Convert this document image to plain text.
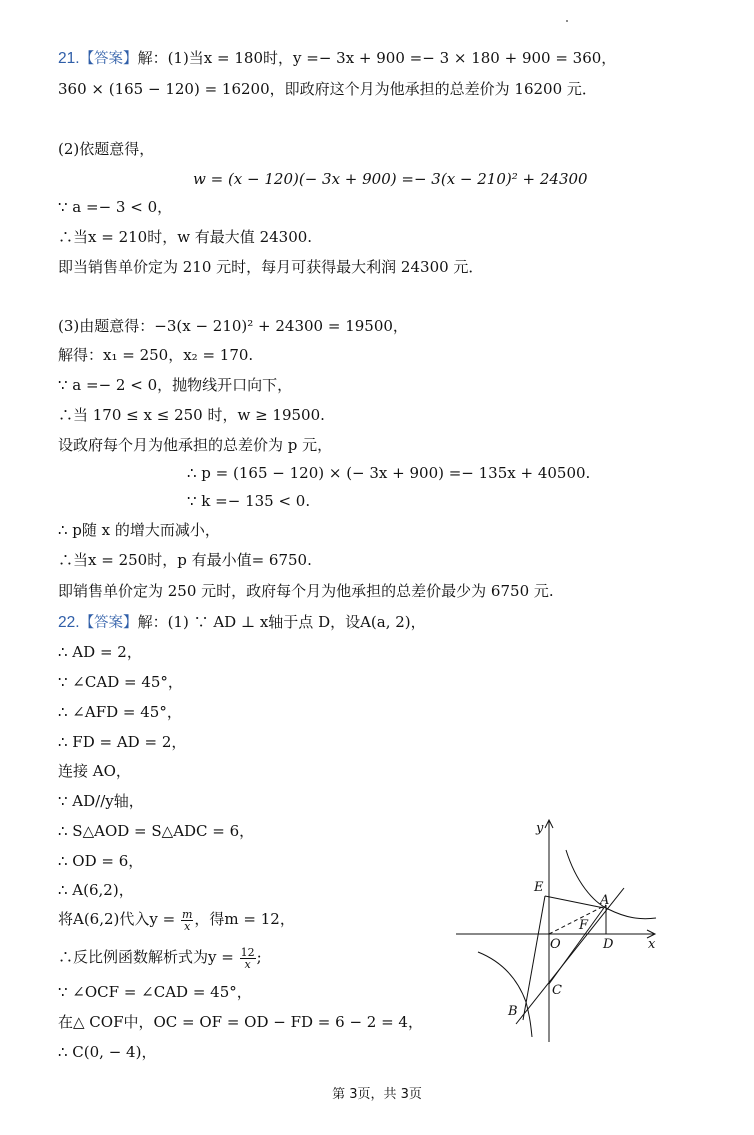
21.【答案】解：(1)当x = 180时，y =− 3x + 900 =− 3 × 180 + 900 = 360，
360 × (165 − 120) = 16200，即政府这个月为他承担的总差价为 16200 元．
(2)依题意得，
w = (x − 120)(− 3x + 900) =− 3(x − 210)² + 24300
∵ a =− 3 < 0，
∴当x = 210时，w 有最大值 24300.
即当销售单价定为 210 元时，每月可获得最大利润 24300 元．
(3)由题意得：−3(x − 210)² + 24300 = 19500，
解得：x₁ = 250，x₂ = 170.
∵ a =− 2 < 0，抛物线开口向下，
∴当 170 ≤ x ≤ 250 时，w ≥ 19500.
设政府每个月为他承担的总差价为 p 元，
∴ p = (165 − 120) × (− 3x + 900) =− 135x + 40500.
∵ k =− 135 < 0.
∴ p随 x 的增大而减小，
∴当x = 250时，p 有最小值= 6750.
即销售单价定为 250 元时，政府每个月为他承担的总差价最少为 6750 元.
22.【答案】解：(1) ∵ AD ⊥ x轴于点 D，设A(a, 2)，
∴ AD = 2，
∵ ∠CAD = 45°，
∴ ∠AFD = 45°，
∴ FD = AD = 2，
连接 AO，
∵ AD//y轴，
∴ S△AOD = S△ADC = 6，
∴ OD = 6，
∴ A(6,2)，
将A(6,2)代入$y = \frac{m}{x}$ ，得m = 12，
∴反比例函数解析式为$y = \frac{12}{x}$ ;
∵ ∠OCF = ∠CAD = 45°，
在△ COF中，OC = OF = OD − FD = 6 − 2 = 4，
∴ C(0, − 4)，
y
x
E
A
O
F
D
C
B
第 3页，共 3页
